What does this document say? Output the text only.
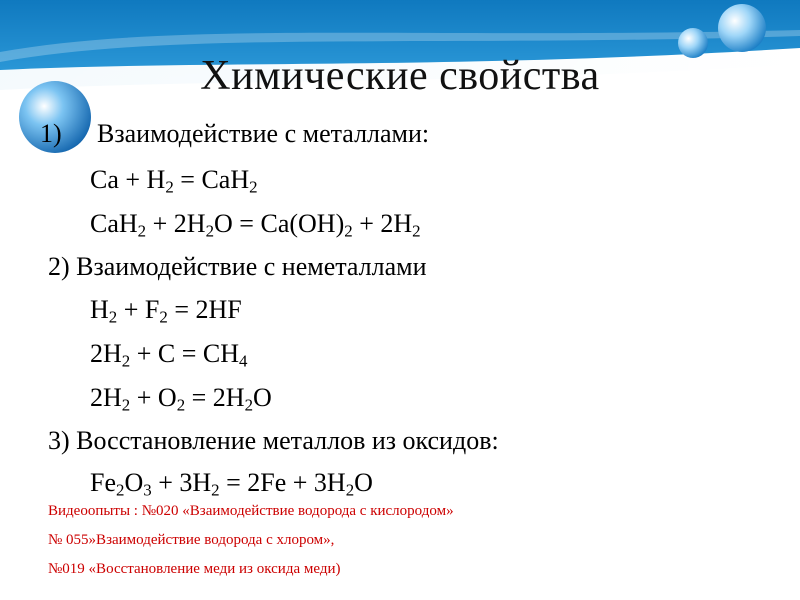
Химические свойства
1) Взаимодействие с металлами:
$Ca + H_2 = CaH_2$
$CaH_2 + 2H_2O = Ca(OH)_2 + 2H_2$
2) Взаимодействие с неметаллами
$H_2 + F_2 = 2HF$
$2H_2 + C = CH_4$
$2H_2 + O_2 = 2H_2O$
3) Восстановление металлов из оксидов:
$Fe_2O_3 + 3H_2 = 2Fe + 3H_2O$
Видеоопыты : №020 «Взаимодействие водорода с кислородом»
№ 055»Взаимодействие водорода с хлором»,
№019 «Восстановление меди из оксида меди)
